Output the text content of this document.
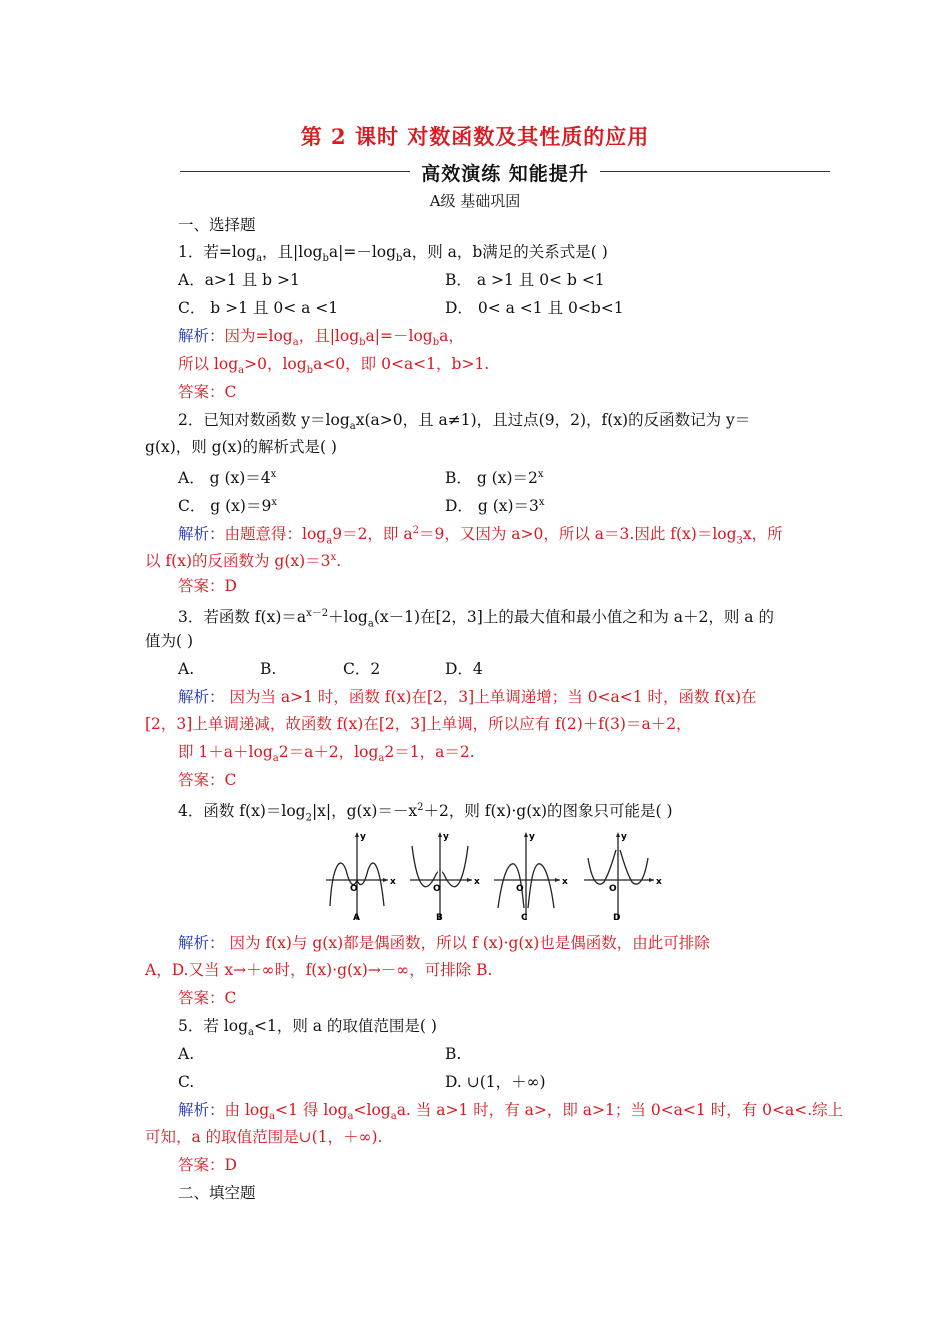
第 2 课时 对数函数及其性质的应用
高效演练 知能提升
A级 基础巩固
一、选择题
1．若$=\log_a$，且$|\log_ba|=-\log_ba$，则 a，b满足的关系式是( )
A．a>1 且 b >1	B． a >1 且 0< b <1
C． b >1 且 0< a <1	D． 0< a <1 且 0<b<1
解析：因为$=\log_a$，且$|\log_ba|=-\log_ba$，
所以 $\log_a>0$，$\log_ba<0$，即 0<a<1，b>1.
答案：C
2．已知对数函数 $y=\log_ax(a>0$，且 a≠1)，且过点(9，2)，f(x)的反函数记为 y＝
g(x)，则 g(x)的解析式是( )
A． g $(x)=4^x$	B． g $(x)=2^x$
C． g $(x)=9^x$	D． g $(x)=3^x$
解析：由题意得：$\log_a9=2$，即 $a^2=9$，又因为 a>0，所以 a＝3.因此 $f(x)=\log_3x$，所
以 f(x)的反函数为 $g(x)=3^x$.
答案：D
3．若函数 $f(x)=a^{x-2}+\log_a(x-1)$在[2，3]上的最大值和最小值之和为 a＋2，则 a 的
值为( )
A.	B.	C．2	D．4
解析： 因为当 a>1 时，函数 f(x)在[2，3]上单调递增；当 0<a<1 时，函数 f(x)在
[2，3]上单调递减，故函数 f(x)在[2，3]上单调，所以应有 f(2)＋f(3)＝a＋2，
即 $1+a+\log_a2=a+2$，$\log_a2=1$，a＝2.
答案：C
4．函数 $f(x)=\log_2|x|$，$g(x)=-x^2+2$，则 f(x)·g(x)的图象只可能是( )
y
x
O
A
y
x
O
B
y
x
O
C
y
x
O
D
解析： 因为 f(x)与 g(x)都是偶函数，所以 f (x)·g(x)也是偶函数，由此可排除
A，D.又当 x→＋∞时，f(x)·g(x)→－∞，可排除 B.
答案：C
5．若 $\log_a<1$，则 a 的取值范围是( )
A.	B.
C.	D. ∪(1，＋∞)
解析：由 $\log_a<1$ 得 $\log_a<\log_aa$. 当 a>1 时，有 a>，即 a>1；当 0<a<1 时，有 0<a<.综上
可知，a 的取值范围是∪(1，＋∞).
答案：D
二、填空题
